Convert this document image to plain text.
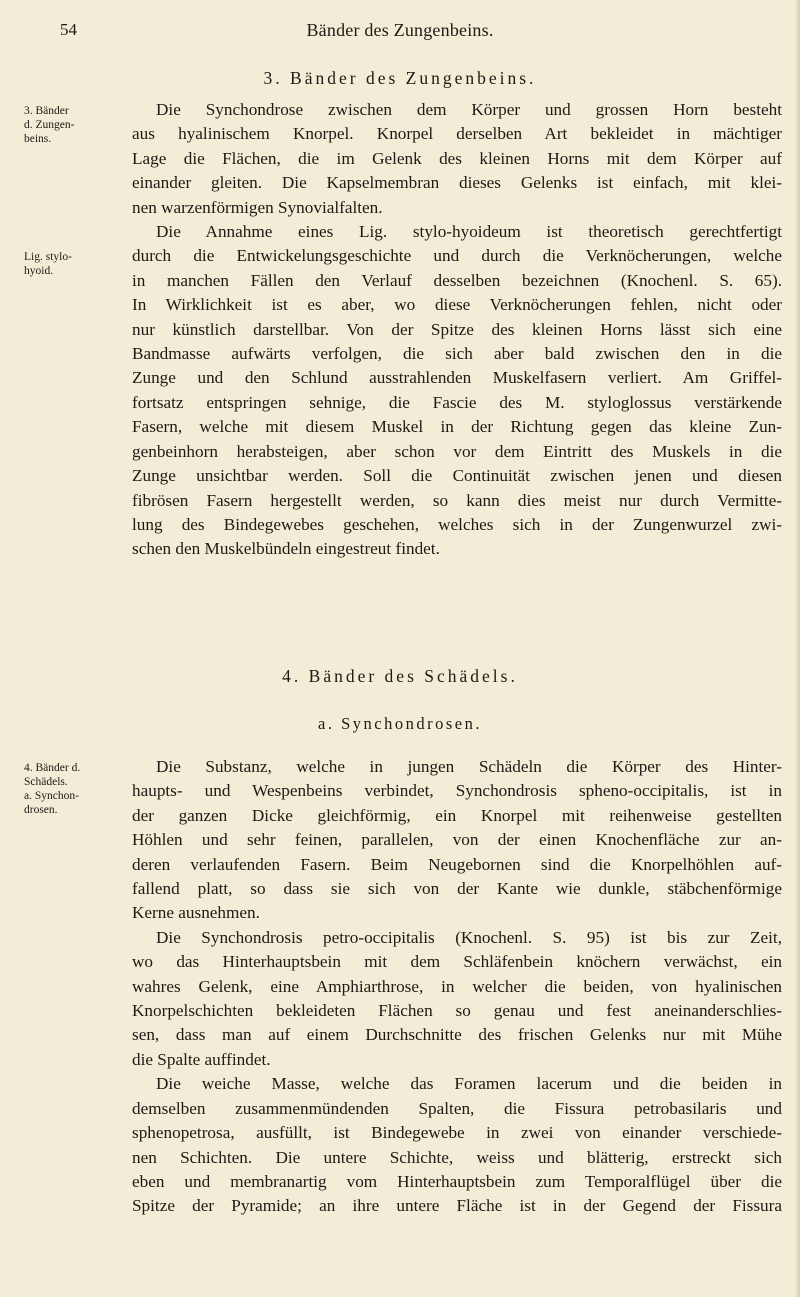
54	Bänder des Zungenbeins.
3. Bänder des Zungenbeins.
3. Bänder
d. Zungen-
beins.
Lig. stylo-
hyoid.
Die Synchondrose zwischen dem Körper und grossen Horn besteht
aus hyalinischem Knorpel. Knorpel derselben Art bekleidet in mächtiger
Lage die Flächen, die im Gelenk des kleinen Horns mit dem Körper auf
einander gleiten. Die Kapselmembran dieses Gelenks ist einfach, mit klei-
nen warzenförmigen Synovialfalten.
Die Annahme eines Lig. stylo-hyoideum ist theoretisch gerechtfertigt
durch die Entwickelungsgeschichte und durch die Verknöcherungen, welche
in manchen Fällen den Verlauf desselben bezeichnen (Knochenl. S. 65).
In Wirklichkeit ist es aber, wo diese Verknöcherungen fehlen, nicht oder
nur künstlich darstellbar. Von der Spitze des kleinen Horns lässt sich eine
Bandmasse aufwärts verfolgen, die sich aber bald zwischen den in die
Zunge und den Schlund ausstrahlenden Muskelfasern verliert. Am Griffel-
fortsatz entspringen sehnige, die Fascie des M. styloglossus verstärkende
Fasern, welche mit diesem Muskel in der Richtung gegen das kleine Zun-
genbeinhorn herabsteigen, aber schon vor dem Eintritt des Muskels in die
Zunge unsichtbar werden. Soll die Continuität zwischen jenen und diesen
fibrösen Fasern hergestellt werden, so kann dies meist nur durch Vermitte-
lung des Bindegewebes geschehen, welches sich in der Zungenwurzel zwi-
schen den Muskelbündeln eingestreut findet.
4. Bänder des Schädels.
a. Synchondrosen.
4. Bänder d.
Schädels.
a. Synchon-
drosen.
Die Substanz, welche in jungen Schädeln die Körper des Hinter-
haupts- und Wespenbeins verbindet, Synchondrosis spheno-occipitalis, ist in
der ganzen Dicke gleichförmig, ein Knorpel mit reihenweise gestellten
Höhlen und sehr feinen, parallelen, von der einen Knochenfläche zur an-
deren verlaufenden Fasern. Beim Neugebornen sind die Knorpelhöhlen auf-
fallend platt, so dass sie sich von der Kante wie dunkle, stäbchenförmige
Kerne ausnehmen.
Die Synchondrosis petro-occipitalis (Knochenl. S. 95) ist bis zur Zeit,
wo das Hinterhauptsbein mit dem Schläfenbein knöchern verwächst, ein
wahres Gelenk, eine Amphiarthrose, in welcher die beiden, von hyalinischen
Knorpelschichten bekleideten Flächen so genau und fest aneinanderschlies-
sen, dass man auf einem Durchschnitte des frischen Gelenks nur mit Mühe
die Spalte auffindet.
Die weiche Masse, welche das Foramen lacerum und die beiden in
demselben zusammenmündenden Spalten, die Fissura petrobasilaris und
sphenopetrosa, ausfüllt, ist Bindegewebe in zwei von einander verschiede-
nen Schichten. Die untere Schichte, weiss und blätterig, erstreckt sich
eben und membranartig vom Hinterhauptsbein zum Temporalflügel über die
Spitze der Pyramide; an ihre untere Fläche ist in der Gegend der Fissura
